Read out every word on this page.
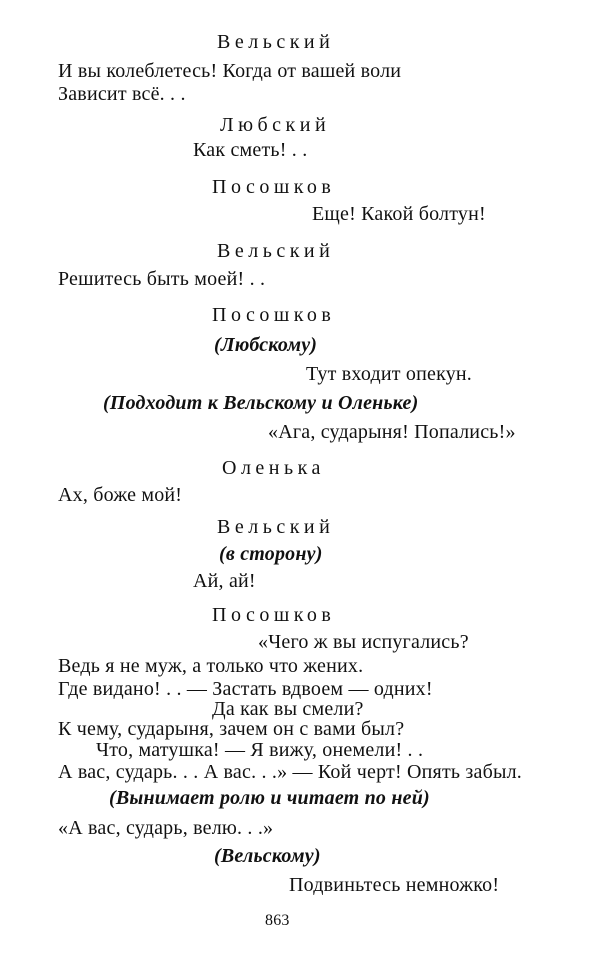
Вельский
И вы колеблетесь! Когда от вашей воли
Зависит всё. . .
Любский
Как сметь! . .
Посошков
Еще! Какой болтун!
Вельский
Решитесь быть моей! . .
Посошков
(Любскому)
Тут входит опекун.
(Подходит к Вельскому и Оленьке)
«Ага, сударыня! Попались!»
Оленька
Ах, боже мой!
Вельский
(в сторону)
Ай, ай!
Посошков
«Чего ж вы испугались?
Ведь я не муж, а только что жених.
Где видано! . . — Застать вдвоем — одних!
Да как вы смели?
К чему, сударыня, зачем он с вами был?
Что, матушка! — Я вижу, онемели! . .
А вас, сударь. . . А вас. . .» — Кой черт! Опять забыл.
(Вынимает ролю и читает по ней)
«А вас, сударь, велю. . .»
(Вельскому)
Подвиньтесь немножко!
863
